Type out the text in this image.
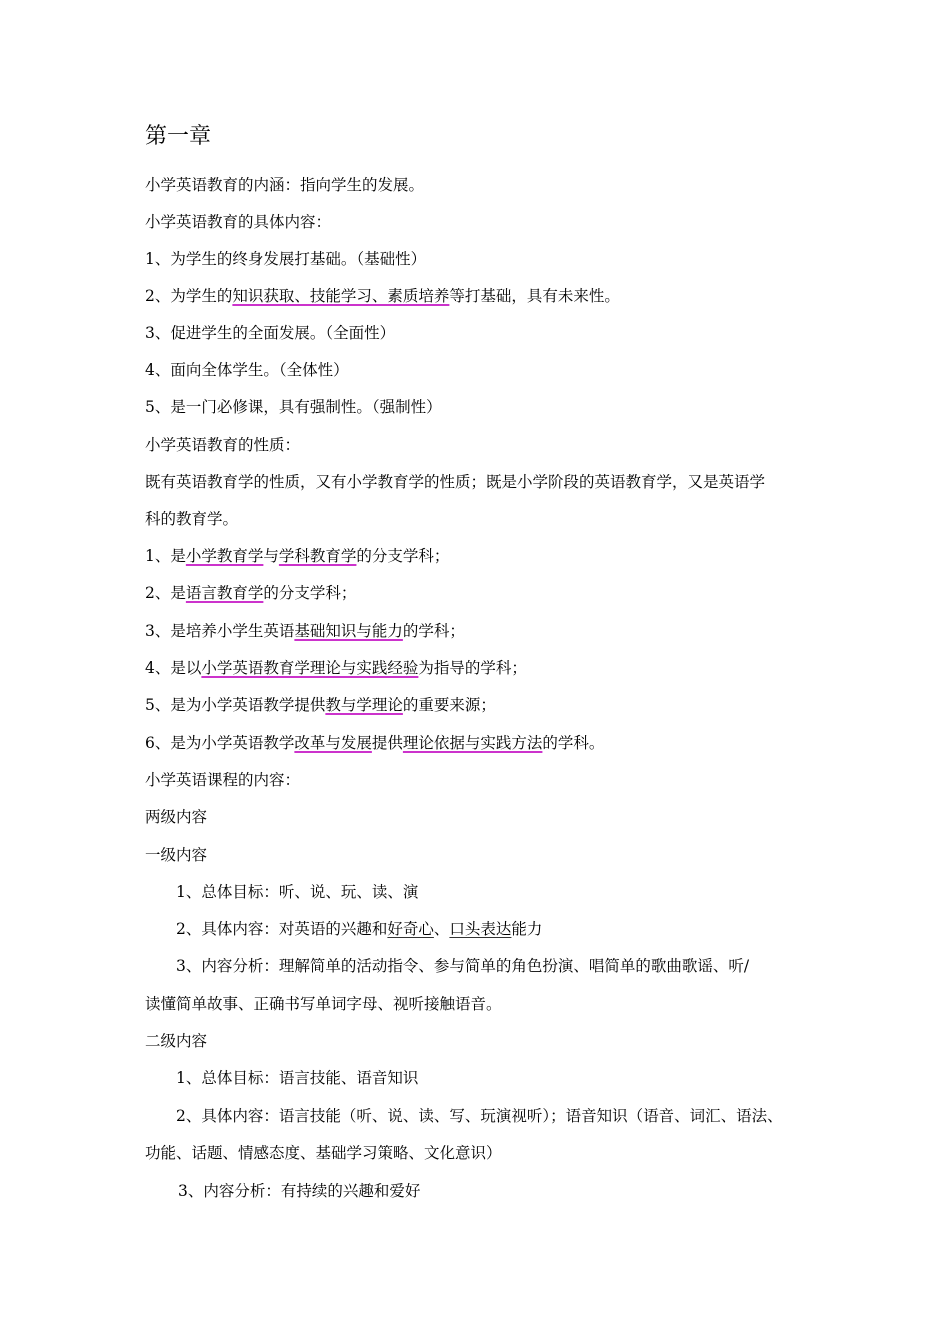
第一章
小学英语教育的内涵：指向学生的发展。
小学英语教育的具体内容：
1、为学生的终身发展打基础。（基础性）
2、为学生的知识获取、技能学习、素质培养等打基础，具有未来性。
3、促进学生的全面发展。（全面性）
4、面向全体学生。（全体性）
5、是一门必修课，具有强制性。（强制性）
小学英语教育的性质：
既有英语教育学的性质，又有小学教育学的性质；既是小学阶段的英语教育学，又是英语学
科的教育学。
1、是小学教育学与学科教育学的分支学科；
2、是语言教育学的分支学科；
3、是培养小学生英语基础知识与能力的学科；
4、是以小学英语教育学理论与实践经验为指导的学科；
5、是为小学英语教学提供教与学理论的重要来源；
6、是为小学英语教学改革与发展提供理论依据与实践方法的学科。
小学英语课程的内容：
两级内容
一级内容
1、总体目标：听、说、玩、读、演
2、具体内容：对英语的兴趣和好奇心、口头表达能力
3、内容分析：理解简单的活动指令、参与简单的角色扮演、唱简单的歌曲歌谣、听/
读懂简单故事、正确书写单词字母、视听接触语音。
二级内容
1、总体目标：语言技能、语音知识
2、具体内容：语言技能（听、说、读、写、玩演视听）；语音知识（语音、词汇、语法、
功能、话题、情感态度、基础学习策略、文化意识）
3、内容分析：有持续的兴趣和爱好
